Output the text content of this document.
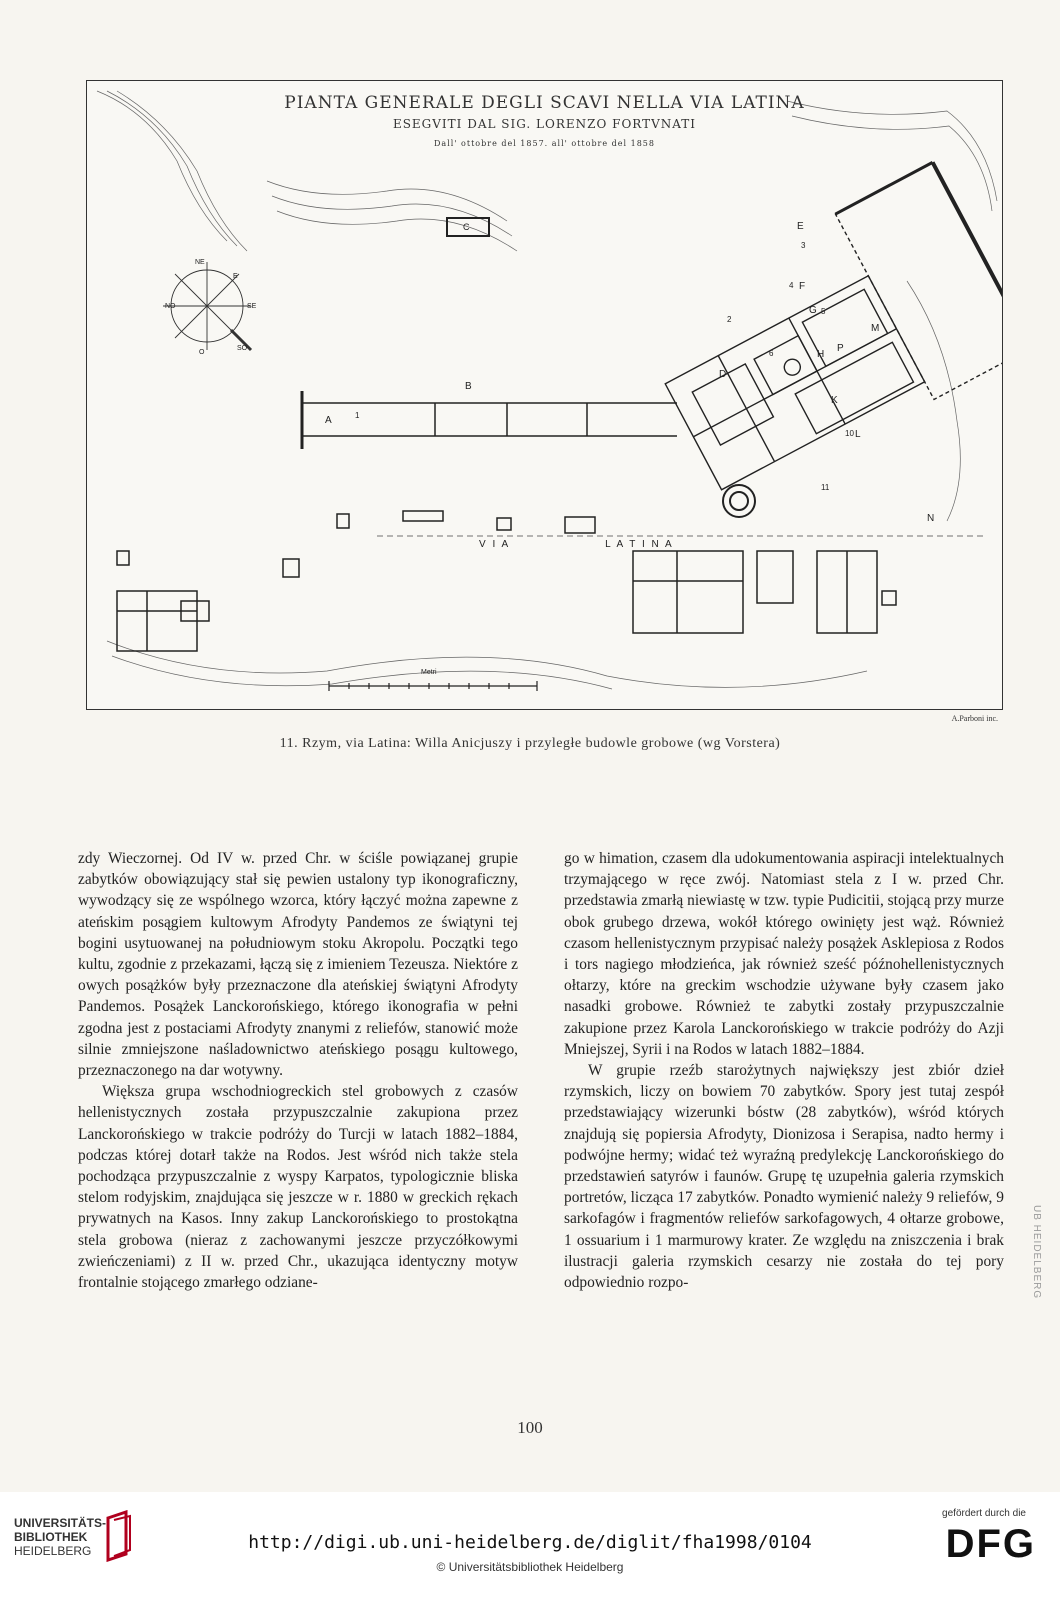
PIANTA GENERALE DEGLI SCAVI NELLA VIA LATINA
ESEGVITI DAL SIG. LORENZO FORTVNATI
Dall' ottobre del 1857. all' ottobre del 1858
A
B
C
D
E
F
G
H
K
L
M
N
P
1
2
3
4
5
6
10
11
NE
E
SE
SO
O
NO
V I A                    L A T I N A
Metri
A.Parboni inc.
11. Rzym, via Latina: Willa Anicjuszy i przyległe budowle grobowe (wg Vorstera)

zdy Wieczornej. Od IV w. przed Chr. w ściśle powiązanej grupie zabytków obowiązujący stał się pewien ustalony typ ikonograficzny, wywodzący się ze wspólnego wzorca, który łączyć można zapewne z ateńskim posągiem kultowym Afrodyty Pandemos ze świątyni tej bogini usytuowanej na południowym stoku Akropolu. Początki tego kultu, zgodnie z przekazami, łączą się z imieniem Tezeusza. Niektóre z owych posążków były przeznaczone dla ateńskiej świątyni Afrodyty Pandemos. Posążek Lanckorońskiego, którego ikonografia w pełni zgodna jest z postaciami Afrodyty znanymi z reliefów, stanowić może silnie zmniejszone naśladownictwo ateńskiego posągu kultowego, przeznaczonego na dar wotywny.

Większa grupa wschodniogreckich stel grobowych z czasów hellenistycznych została przypuszczalnie zakupiona przez Lanckorońskiego w trakcie podróży do Turcji w latach 1882–1884, podczas której dotarł także na Rodos. Jest wśród nich także stela pochodząca przypuszczalnie z wyspy Karpatos, typologicznie bliska stelom rodyjskim, znajdująca się jeszcze w r. 1880 w greckich rękach prywatnych na Kasos. Inny zakup Lanckorońskiego to prostokątna stela grobowa (nieraz z zachowanymi jeszcze przyczółkowymi zwieńczeniami) z II w. przed Chr., ukazująca identyczny motyw frontalnie stojącego zmarłego odziane-

go w himation, czasem dla udokumentowania aspiracji intelektualnych trzymającego w ręce zwój. Natomiast stela z I w. przed Chr. przedstawia zmarłą niewiastę w tzw. typie Pudicitii, stojącą przy murze obok grubego drzewa, wokół którego owinięty jest wąż. Również czasom hellenistycznym przypisać należy posążek Asklepiosa z Rodos i tors nagiego młodzieńca, jak również sześć późnohellenistycznych ołtarzy, które na greckim wschodzie używane były czasem jako nasadki grobowe. Również te zabytki zostały przypuszczalnie zakupione przez Karola Lanckorońskiego w trakcie podróży do Azji Mniejszej, Syrii i na Rodos w latach 1882–1884.

W grupie rzeźb starożytnych największy jest zbiór dzieł rzymskich, liczy on bowiem 70 zabytków. Spory jest tutaj zespół przedstawiający wizerunki bóstw (28 zabytków), wśród których znajdują się popiersia Afrodyty, Dionizosa i Serapisa, nadto hermy i podwójne hermy; widać też wyraźną predylekcję Lanckorońskiego do przedstawień satyrów i faunów. Grupę tę uzupełnia galeria rzymskich portretów, licząca 17 zabytków. Ponadto wymienić należy 9 reliefów, 9 sarkofagów i fragmentów reliefów sarkofagowych, 4 ołtarze grobowe, 1 ossuarium i 1 marmurowy krater. Ze względu na zniszczenia i brak ilustracji galeria rzymskich cesarzy nie została do tej pory odpowiednio rozpo-

100
UB HEIDELBERG
UNIVERSITÄTS-
BIBLIOTHEK
HEIDELBERG	http://digi.ub.uni-heidelberg.de/diglit/fha1998/0104
© Universitätsbibliothek Heidelberg
gefördert durch die
DFG
